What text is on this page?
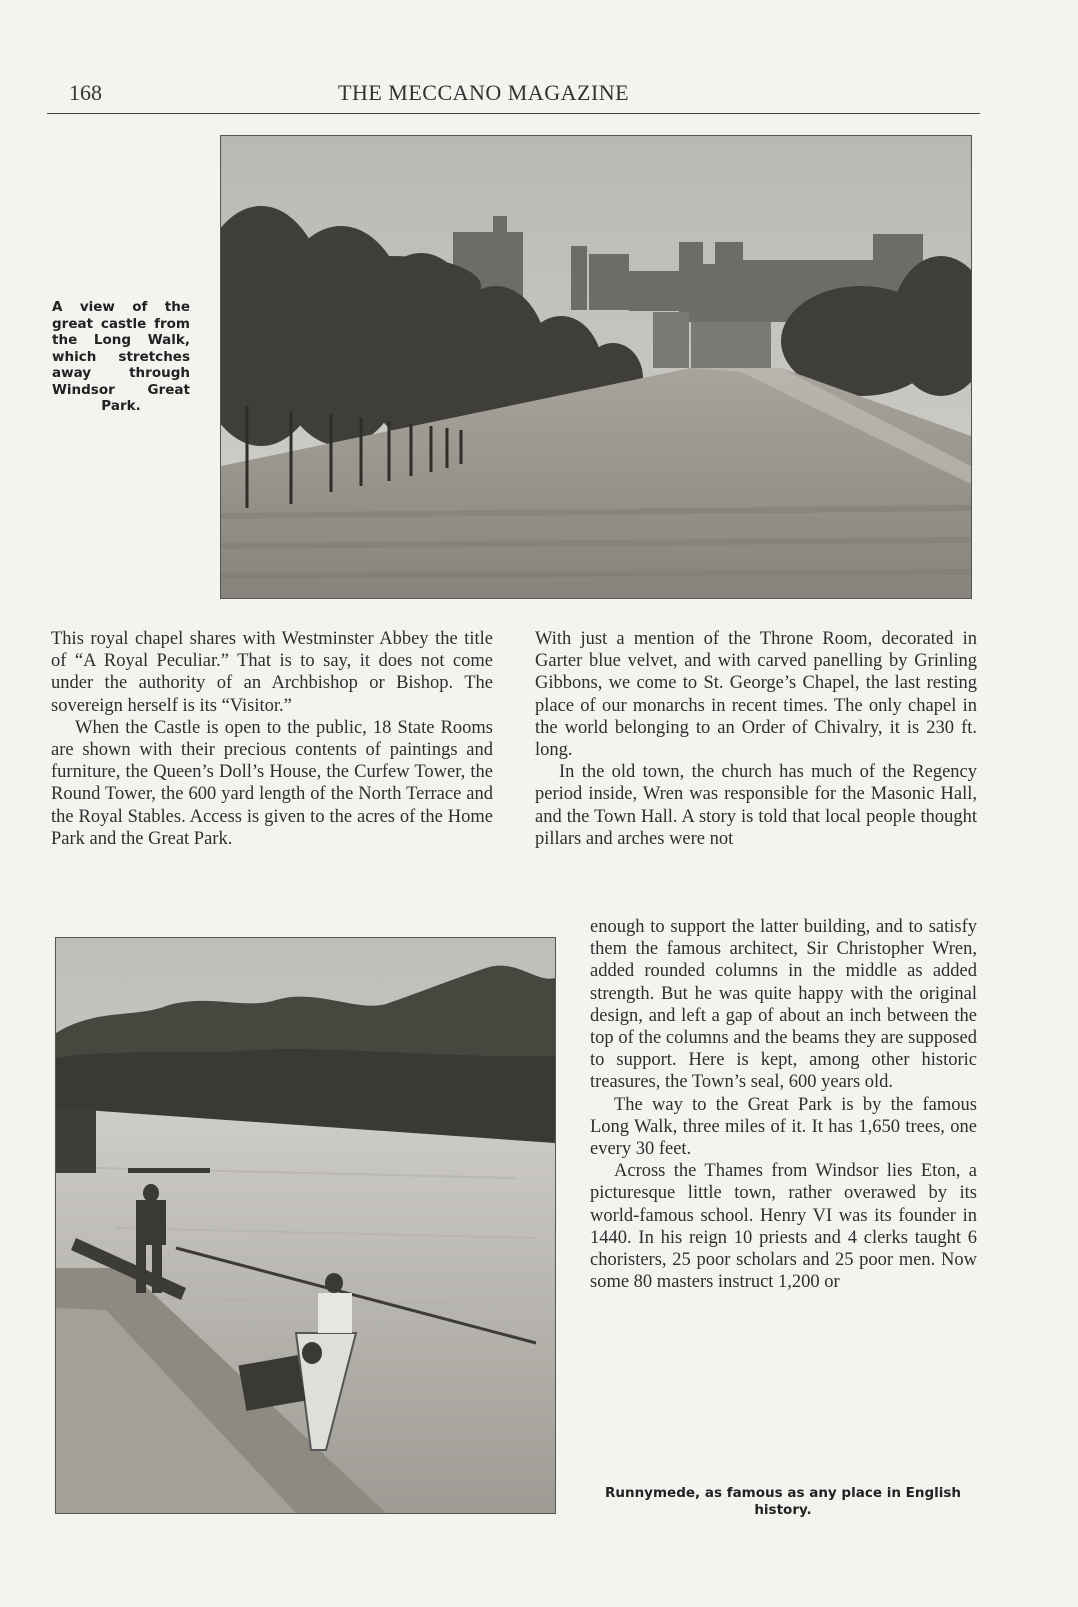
168	THE MECCANO MAGAZINE
A view of the great castle from the Long Walk, which stretches away through Windsor Great Park.

This royal chapel shares with Westminster Abbey the title of “A Royal Peculiar.” That is to say, it does not come under the authority of an Archbishop or Bishop. The sovereign herself is its “Visitor.”

When the Castle is open to the public, 18 State Rooms are shown with their precious contents of paintings and furniture, the Queen’s Doll’s House, the Curfew Tower, the Round Tower, the 600 yard length of the North Terrace and the Royal Stables. Access is given to the acres of the Home Park and the Great Park.

With just a mention of the Throne Room, decorated in Garter blue velvet, and with carved panelling by Grinling Gibbons, we come to St. George’s Chapel, the last resting place of our monarchs in recent times. The only chapel in the world belonging to an Order of Chivalry, it is 230 ft. long.

In the old town, the church has much of the Regency period inside, Wren was responsible for the Masonic Hall, and the Town Hall. A story is told that local people thought pillars and arches were not

enough to support the latter building, and to satisfy them the famous architect, Sir Christopher Wren, added rounded columns in the middle as added strength. But he was quite happy with the original design, and left a gap of about an inch between the top of the columns and the beams they are supposed to support. Here is kept, among other historic treasures, the Town’s seal, 600 years old.

The way to the Great Park is by the famous Long Walk, three miles of it. It has 1,650 trees, one every 30 feet.

Across the Thames from Windsor lies Eton, a picturesque little town, rather overawed by its world-famous school. Henry VI was its founder in 1440. In his reign 10 priests and 4 clerks taught 6 choristers, 25 poor scholars and 25 poor men. Now some 80 masters instruct 1,200 or

Runnymede, as famous as any place in English history.
